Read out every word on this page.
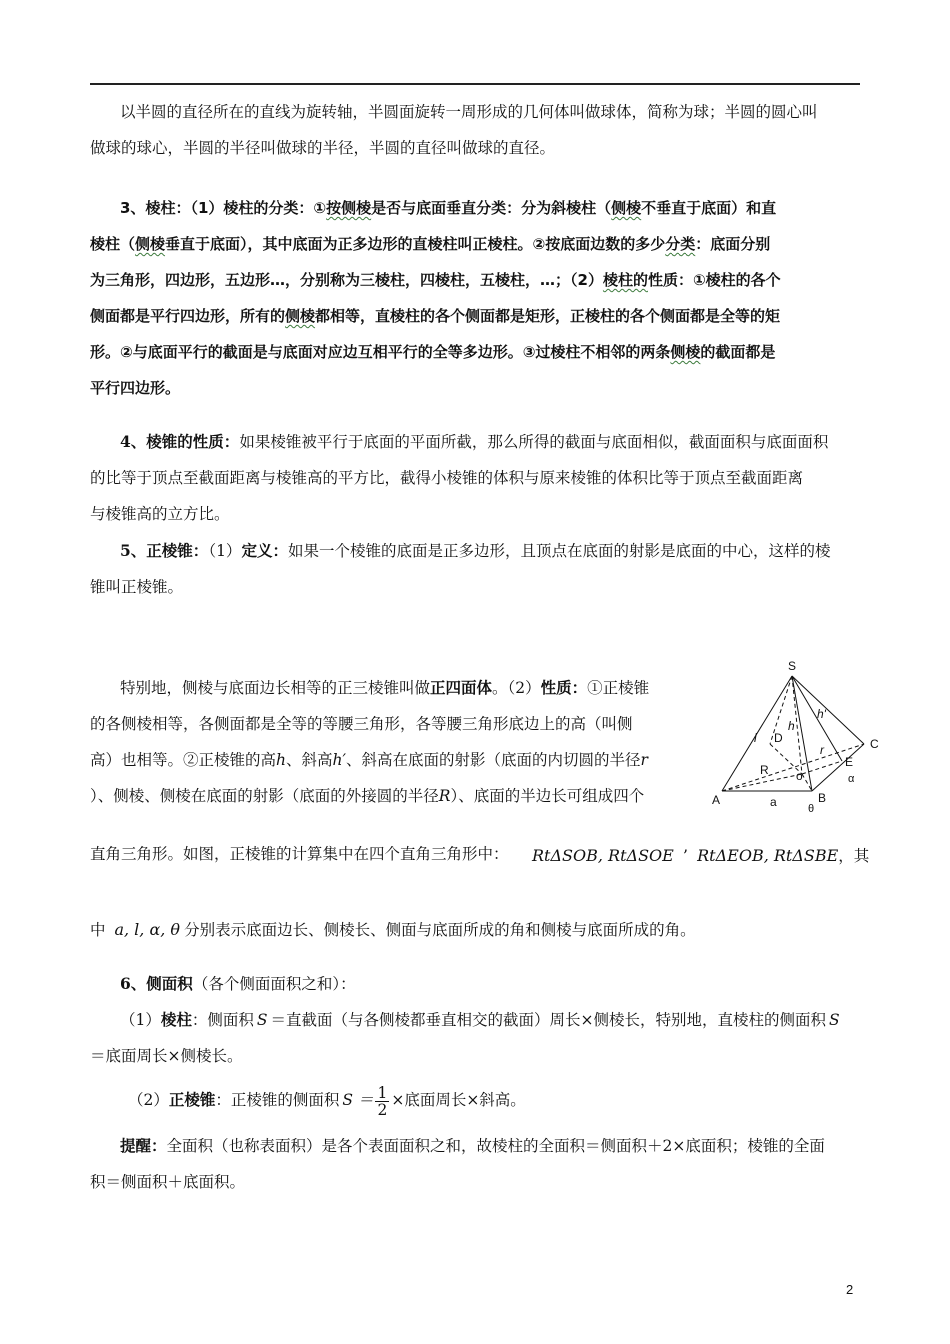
以半圆的直径所在的直线为旋转轴，半圆面旋转一周形成的几何体叫做球体，简称为球；半圆的圆心叫
做球的球心，半圆的半径叫做球的半径，半圆的直径叫做球的直径。

3、棱柱：（1）棱柱的分类：①按侧棱是否与底面垂直分类：分为斜棱柱（侧棱不垂直于底面）和直
棱柱（侧棱垂直于底面），其中底面为正多边形的直棱柱叫正棱柱。②按底面边数的多少分类：底面分别
为三角形，四边形，五边形…，分别称为三棱柱，四棱柱，五棱柱，…；（2）棱柱的性质：①棱柱的各个
侧面都是平行四边形，所有的侧棱都相等，直棱柱的各个侧面都是矩形，正棱柱的各个侧面都是全等的矩
形。②与底面平行的截面是与底面对应边互相平行的全等多边形。③过棱柱不相邻的两条侧棱的截面都是
平行四边形。

4、棱锥的性质：如果棱锥被平行于底面的平面所截，那么所得的截面与底面相似，截面面积与底面面积
的比等于顶点至截面距离与棱锥高的平方比，截得小棱锥的体积与原来棱锥的体积比等于顶点至截面距离
与棱锥高的立方比。

5、正棱锥：（1）定义：如果一个棱锥的底面是正多边形，且顶点在底面的射影是底面的中心，这样的棱
锥叫正棱锥。

特别地，侧棱与底面边长相等的正三棱锥叫做正四面体。（2）性质：①正棱锥
的各侧棱相等，各侧面都是全等的等腰三角形，各等腰三角形底边上的高（叫侧
高）也相等。②正棱锥的高h、斜高h′、斜高在底面的射影（底面的内切圆的半径r
）、侧棱、侧棱在底面的射影（底面的外接圆的半径R）、底面的半边长可组成四个

直角三角形。如图，正棱锥的计算集中在四个直角三角形中：	RtΔSOB, RtΔSOE ’ RtΔEOB, RtΔSBE，其

中 a, l, α, θ 分别表示底面边长、侧棱长、侧面与底面所成的角和侧棱与底面所成的角。

6、侧面积（各个侧面面积之和）：
（1）棱柱：侧面积 S ＝直截面（与各侧棱都垂直相交的截面）周长×侧棱长，特别地，直棱柱的侧面积 S
＝底面周长×侧棱长。

（2）正棱锥：正棱锥的侧面积 $S = \frac{1}{2}$ ×底面周长×斜高。

提醒：全面积（也称表面积）是各个表面面积之和，故棱柱的全面积＝侧面积＋2×底面积；棱锥的全面
积＝侧面积＋底面积。

S
A	B
C
D
E
o
l
h
h'
r
R
a
α
θ
2
